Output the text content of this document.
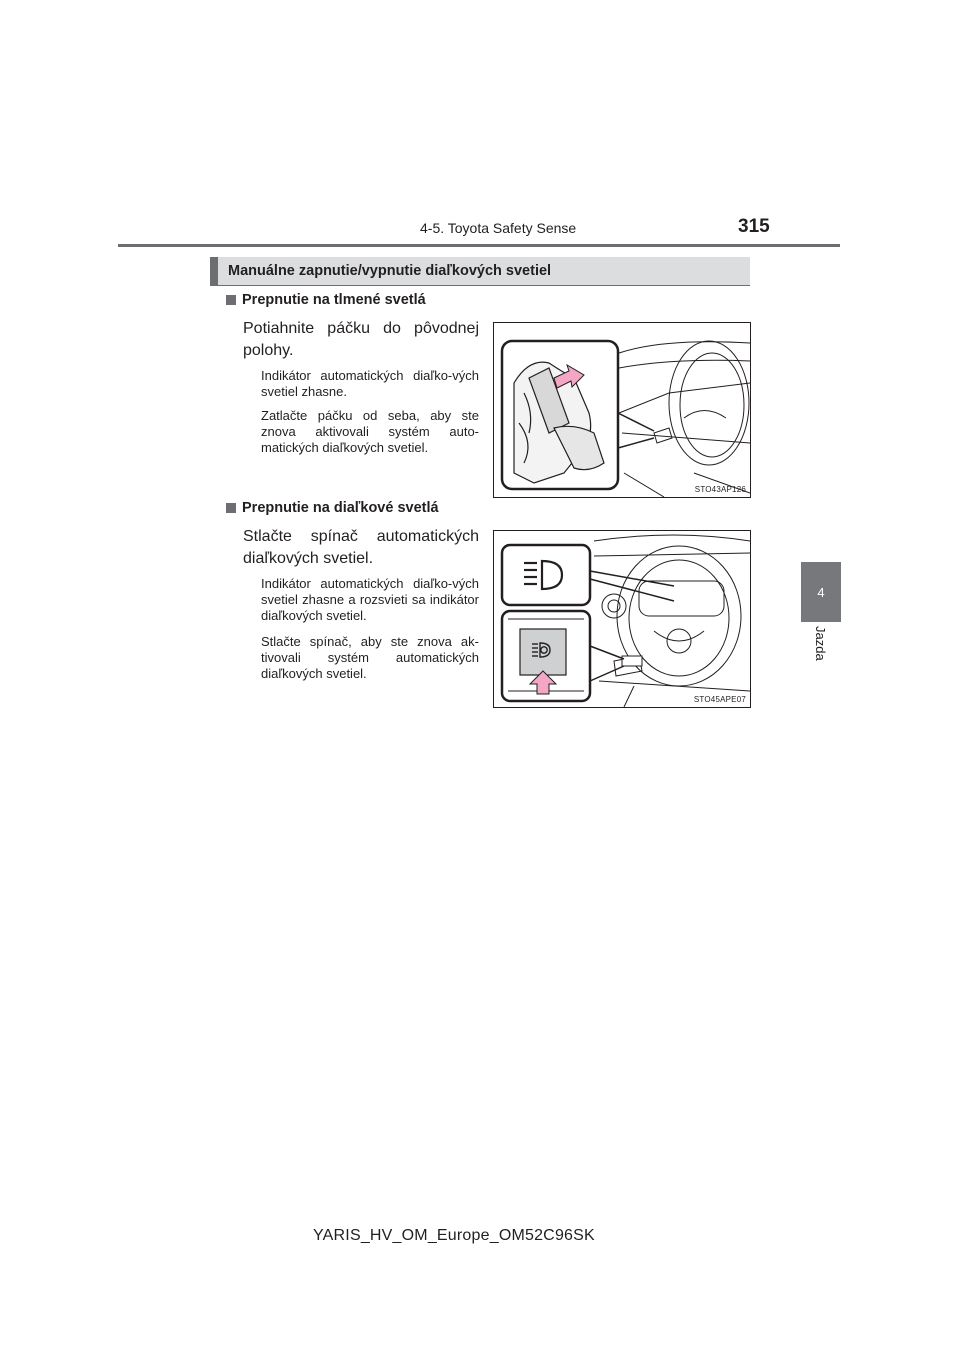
4-5. Toyota Safety Sense	315
4
Jazda
Manuálne zapnutie/vypnutie diaľkových svetiel
Prepnutie na tlmené svetlá
Potiahnite páčku do pôvodnej polohy.
Indikátor automatických diaľko-vých svetiel zhasne.
Zatlačte páčku od seba, aby ste znova aktivovali systém auto-matických diaľkových svetiel.
STO43AP126
Prepnutie na diaľkové svetlá
Stlačte spínač automatických diaľkových svetiel.
Indikátor automatických diaľko-vých svetiel zhasne a rozsvieti sa indikátor diaľkových svetiel.
Stlačte spínač, aby ste znova ak-tivovali systém automatických diaľkových svetiel.
STO45APE07
YARIS_HV_OM_Europe_OM52C96SK
